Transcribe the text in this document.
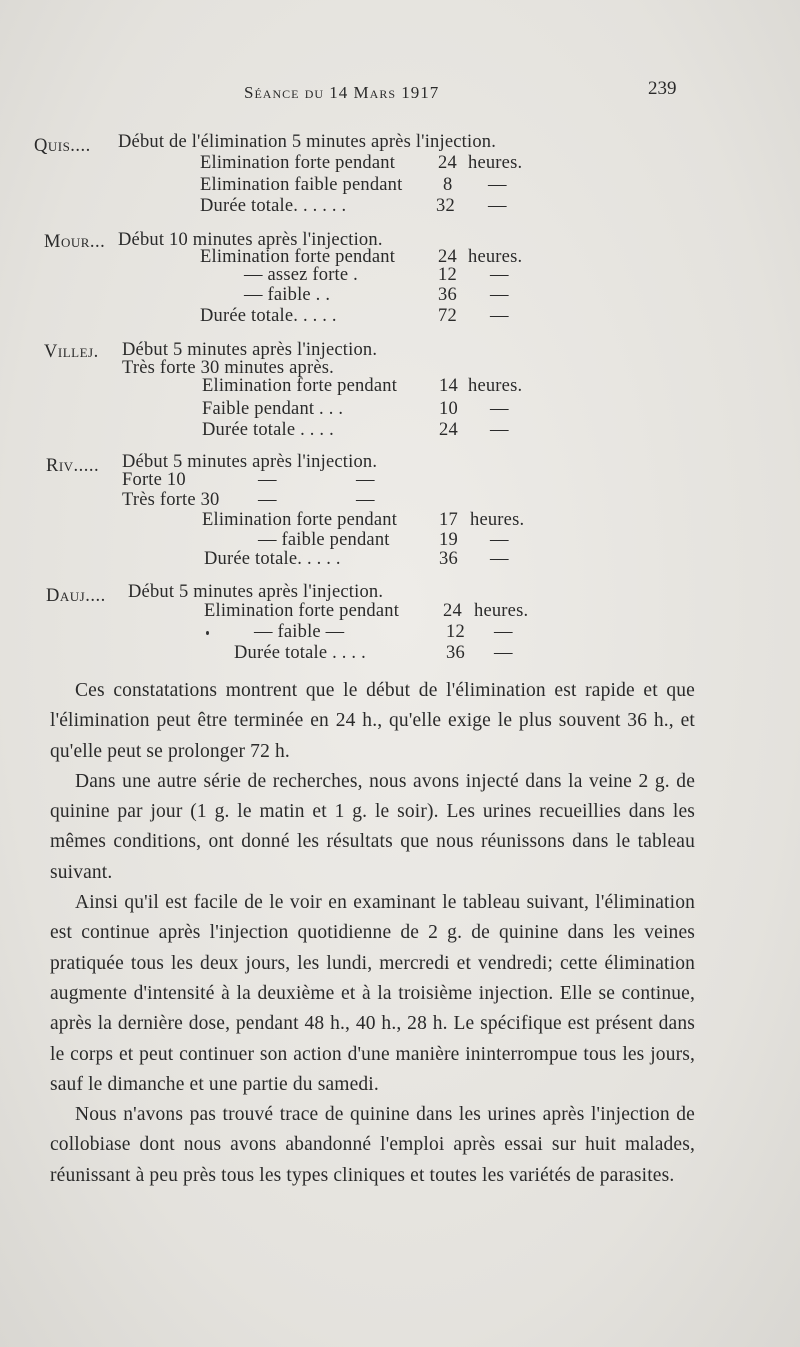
Séance du 14 Mars 1917	239
Quis.... Début de l'élimination 5 minutes après l'injection.
Elimination forte pendant 24 heures.
Elimination faible pendant 8 —
Durée totale. . . . . .	32 —
Mour... Début 10 minutes après l'injection.
Elimination forte pendant 24 heures.
— assez forte .	12 —
— faible . .	36 —
Durée totale. . . . .	72 —
Villej. Début 5 minutes après l'injection.
Très forte 30 minutes après.
Elimination forte pendant 14 heures.
Faible pendant . . .	10 —
Durée totale . . . .	24 —
Riv..... Début 5 minutes après l'injection.
Forte 10	—	—
Très forte 30 —	—
Elimination forte pendant 17 heures.
— faible pendant	19 —
Durée totale. . . . .	36 —
Dauj.... Début 5 minutes après l'injection.
Elimination forte pendant 24 heures.
— faible —	12 —
Durée totale . . . .	36 —

Ces constatations montrent que le début de l'élimination est rapide et que l'élimination peut être terminée en 24 h., qu'elle exige le plus souvent 36 h., et qu'elle peut se prolonger 72 h.

Dans une autre série de recherches, nous avons injecté dans la veine 2 g. de quinine par jour (1 g. le matin et 1 g. le soir). Les urines recueillies dans les mêmes conditions, ont donné les résultats que nous réunissons dans le tableau suivant.

Ainsi qu'il est facile de le voir en examinant le tableau suivant, l'élimination est continue après l'injection quotidienne de 2 g. de quinine dans les veines pratiquée tous les deux jours, les lundi, mercredi et vendredi; cette élimination augmente d'intensité à la deuxième et à la troisième injection. Elle se continue, après la dernière dose, pendant 48 h., 40 h., 28 h. Le spécifique est présent dans le corps et peut continuer son action d'une manière ininterrompue tous les jours, sauf le dimanche et une partie du samedi.

Nous n'avons pas trouvé trace de quinine dans les urines après l'injection de collobiase dont nous avons abandonné l'emploi après essai sur huit malades, réunissant à peu près tous les types cliniques et toutes les variétés de parasites.
